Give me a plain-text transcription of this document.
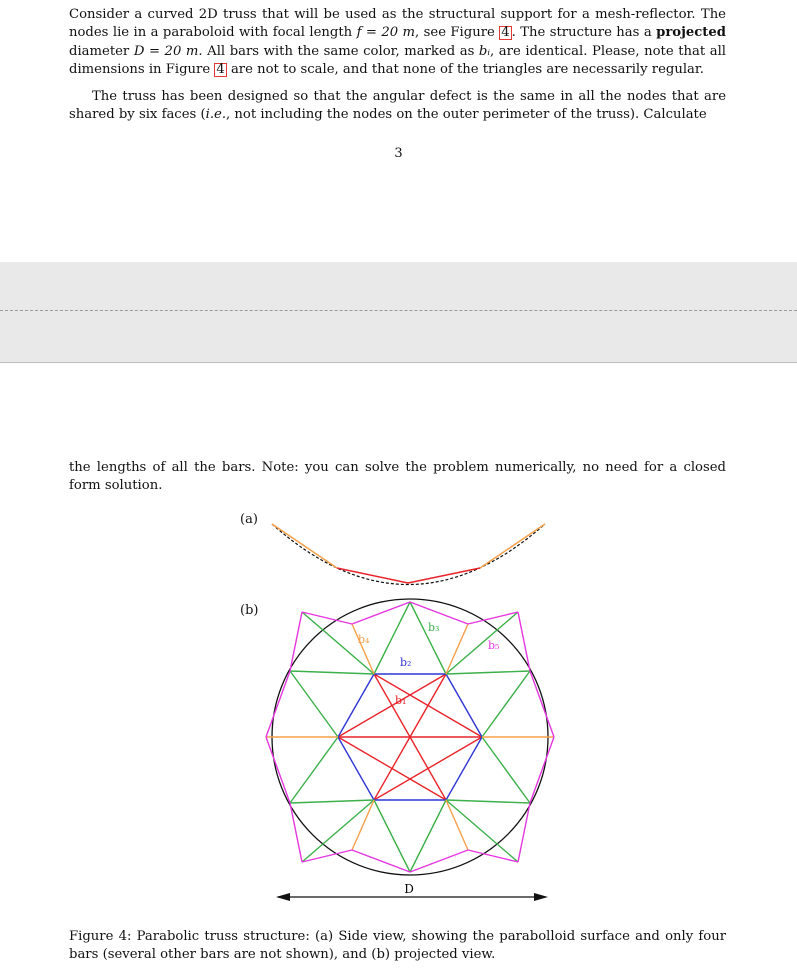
Consider a curved 2D truss that will be used as the structural support for a mesh-reflector. The nodes lie in a paraboloid with focal length f = 20 m, see Figure 4 . The structure has a projected diameter D = 20 m. All bars with the same color, marked as bᵢ, are identical. Please, note that all dimensions in Figure 4 are not to scale, and that none of the triangles are necessarily regular.
The truss has been designed so that the angular defect is the same in all the nodes that are shared by six faces (i.e., not including the nodes on the outer perimeter of the truss). Calculate
3
the lengths of all the bars. Note: you can solve the problem numerically, no need for a closed form solution.
(a)
(b)
D
b₄
b₃
b₅
b₂
b₁
Figure 4: Parabolic truss structure: (a) Side view, showing the parabolloid surface and only four bars (several other bars are not shown), and (b) projected view.
